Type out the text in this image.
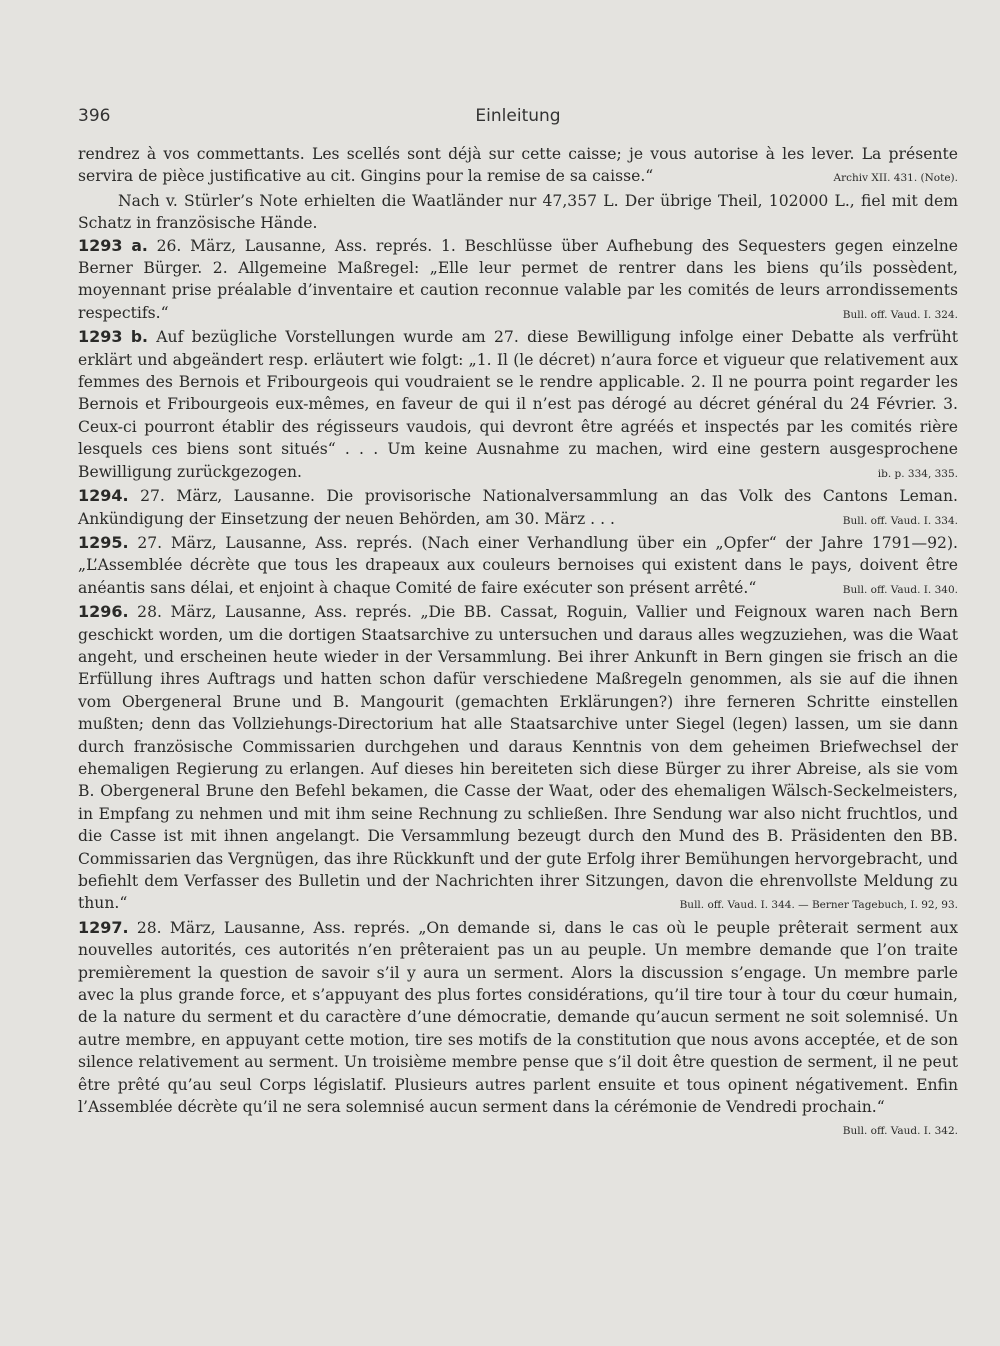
396	Einleitung

rendrez à vos commettants. Les scellés sont déjà sur cette caisse; je vous autorise à les lever. La présente servira de pièce justificative au cit. Gingins pour la remise de sa caisse.“	Archiv XII. 431. (Note).

Nach v. Stürler’s Note erhielten die Waatländer nur 47,357 L. Der übrige Theil, 102000 L., fiel mit dem Schatz in französische Hände.

1293 a. 26. März, Lausanne, Ass. représ. 1. Beschlüsse über Aufhebung des Sequesters gegen einzelne Berner Bürger. 2. Allgemeine Maßregel: „Elle leur permet de rentrer dans les biens qu’ils possèdent, moyennant prise préalable d’inventaire et caution reconnue valable par les comités de leurs arrondissements respectifs.“	Bull. off. Vaud. I. 324.

1293 b. Auf bezügliche Vorstellungen wurde am 27. diese Bewilligung infolge einer Debatte als verfrüht erklärt und abgeändert resp. erläutert wie folgt: „1. Il (le décret) n’aura force et vigueur que relativement aux femmes des Bernois et Fribourgeois qui voudraient se le rendre applicable. 2. Il ne pourra point regarder les Bernois et Fribourgeois eux-mêmes, en faveur de qui il n’est pas dérogé au décret général du 24 Février. 3. Ceux-ci pourront établir des régisseurs vaudois, qui devront être agréés et inspectés par les comités rière lesquels ces biens sont situés“ . . . Um keine Ausnahme zu machen, wird eine gestern ausgesprochene Bewilligung zurückgezogen.	ib. p. 334, 335.

1294. 27. März, Lausanne. Die provisorische Nationalversammlung an das Volk des Cantons Leman. Ankündigung der Einsetzung der neuen Behörden, am 30. März . . .	Bull. off. Vaud. I. 334.

1295. 27. März, Lausanne, Ass. représ. (Nach einer Verhandlung über ein „Opfer“ der Jahre 1791—92). „L’Assemblée décrète que tous les drapeaux aux couleurs bernoises qui existent dans le pays, doivent être anéantis sans délai, et enjoint à chaque Comité de faire exécuter son présent arrêté.“	Bull. off. Vaud. I. 340.

1296. 28. März, Lausanne, Ass. représ. „Die BB. Cassat, Roguin, Vallier und Feignoux waren nach Bern geschickt worden, um die dortigen Staatsarchive zu untersuchen und daraus alles wegzuziehen, was die Waat angeht, und erscheinen heute wieder in der Versammlung. Bei ihrer Ankunft in Bern gingen sie frisch an die Erfüllung ihres Auftrags und hatten schon dafür verschiedene Maßregeln genommen, als sie auf die ihnen vom Obergeneral Brune und B. Mangourit (gemachten Erklärungen?) ihre ferneren Schritte einstellen mußten; denn das Vollziehungs-Directorium hat alle Staatsarchive unter Siegel (legen) lassen, um sie dann durch französische Commissarien durchgehen und daraus Kenntnis von dem geheimen Briefwechsel der ehemaligen Regierung zu erlangen. Auf dieses hin bereiteten sich diese Bürger zu ihrer Abreise, als sie vom B. Obergeneral Brune den Befehl bekamen, die Casse der Waat, oder des ehemaligen Wälsch-Seckelmeisters, in Empfang zu nehmen und mit ihm seine Rechnung zu schließen. Ihre Sendung war also nicht fruchtlos, und die Casse ist mit ihnen angelangt. Die Versammlung bezeugt durch den Mund des B. Präsidenten den BB. Commissarien das Vergnügen, das ihre Rückkunft und der gute Erfolg ihrer Bemühungen hervorgebracht, und befiehlt dem Verfasser des Bulletin und der Nachrichten ihrer Sitzungen, davon die ehrenvollste Meldung zu thun.“	Bull. off. Vaud. I. 344. — Berner Tagebuch, I. 92, 93.

1297. 28. März, Lausanne, Ass. représ. „On demande si, dans le cas où le peuple prêterait serment aux nouvelles autorités, ces autorités n’en prêteraient pas un au peuple. Un membre demande que l’on traite premièrement la question de savoir s’il y aura un serment. Alors la discussion s’engage. Un membre parle avec la plus grande force, et s’appuyant des plus fortes considérations, qu’il tire tour à tour du cœur humain, de la nature du serment et du caractère d’une démocratie, demande qu’aucun serment ne soit solemnisé. Un autre membre, en appuyant cette motion, tire ses motifs de la constitution que nous avons acceptée, et de son silence relativement au serment. Un troisième membre pense que s’il doit être question de serment, il ne peut être prêté qu’au seul Corps législatif. Plusieurs autres parlent ensuite et tous opinent négativement. Enfin l’Assemblée décrète qu’il ne sera solemnisé aucun serment dans la cérémonie de Vendredi prochain.“
Bull. off. Vaud. I. 342.
